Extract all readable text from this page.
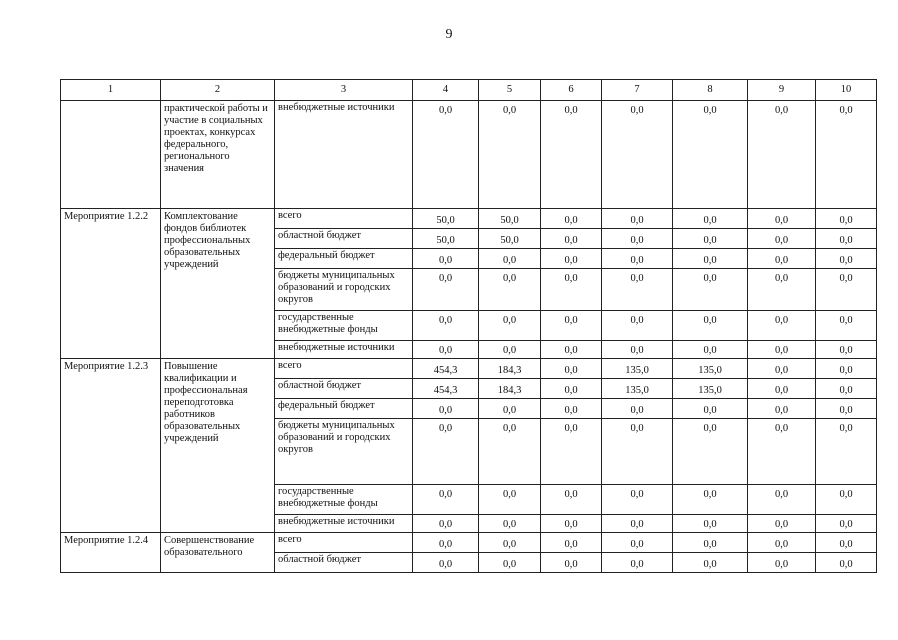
9
1	2	3	4	5	6	7	8	9	10
	практической работы и участие в социальных проектах, конкурсах федерального, регионального значения	внебюджетные источники	0,0	0,0	0,0	0,0	0,0	0,0	0,0
Мероприятие 1.2.2	Комплектование фондов библиотек профессиональных образовательных учреждений	всего	50,0	50,0	0,0	0,0	0,0	0,0	0,0
		областной бюджет	50,0	50,0	0,0	0,0	0,0	0,0	0,0
		федеральный бюджет	0,0	0,0	0,0	0,0	0,0	0,0	0,0
		бюджеты муниципальных образований и городских округов	0,0	0,0	0,0	0,0	0,0	0,0	0,0
		государственные внебюджетные фонды	0,0	0,0	0,0	0,0	0,0	0,0	0,0
		внебюджетные источники	0,0	0,0	0,0	0,0	0,0	0,0	0,0
Мероприятие 1.2.3	Повышение квалификации и профессиональная переподготовка работников образовательных учреждений	всего	454,3	184,3	0,0	135,0	135,0	0,0	0,0
		областной бюджет	454,3	184,3	0,0	135,0	135,0	0,0	0,0
		федеральный бюджет	0,0	0,0	0,0	0,0	0,0	0,0	0,0
		бюджеты муниципальных образований и городских округов	0,0	0,0	0,0	0,0	0,0	0,0	0,0
		государственные внебюджетные фонды	0,0	0,0	0,0	0,0	0,0	0,0	0,0
		внебюджетные источники	0,0	0,0	0,0	0,0	0,0	0,0	0,0
Мероприятие 1.2.4	Совершенствование образовательного	всего	0,0	0,0	0,0	0,0	0,0	0,0	0,0
		областной бюджет	0,0	0,0	0,0	0,0	0,0	0,0	0,0
